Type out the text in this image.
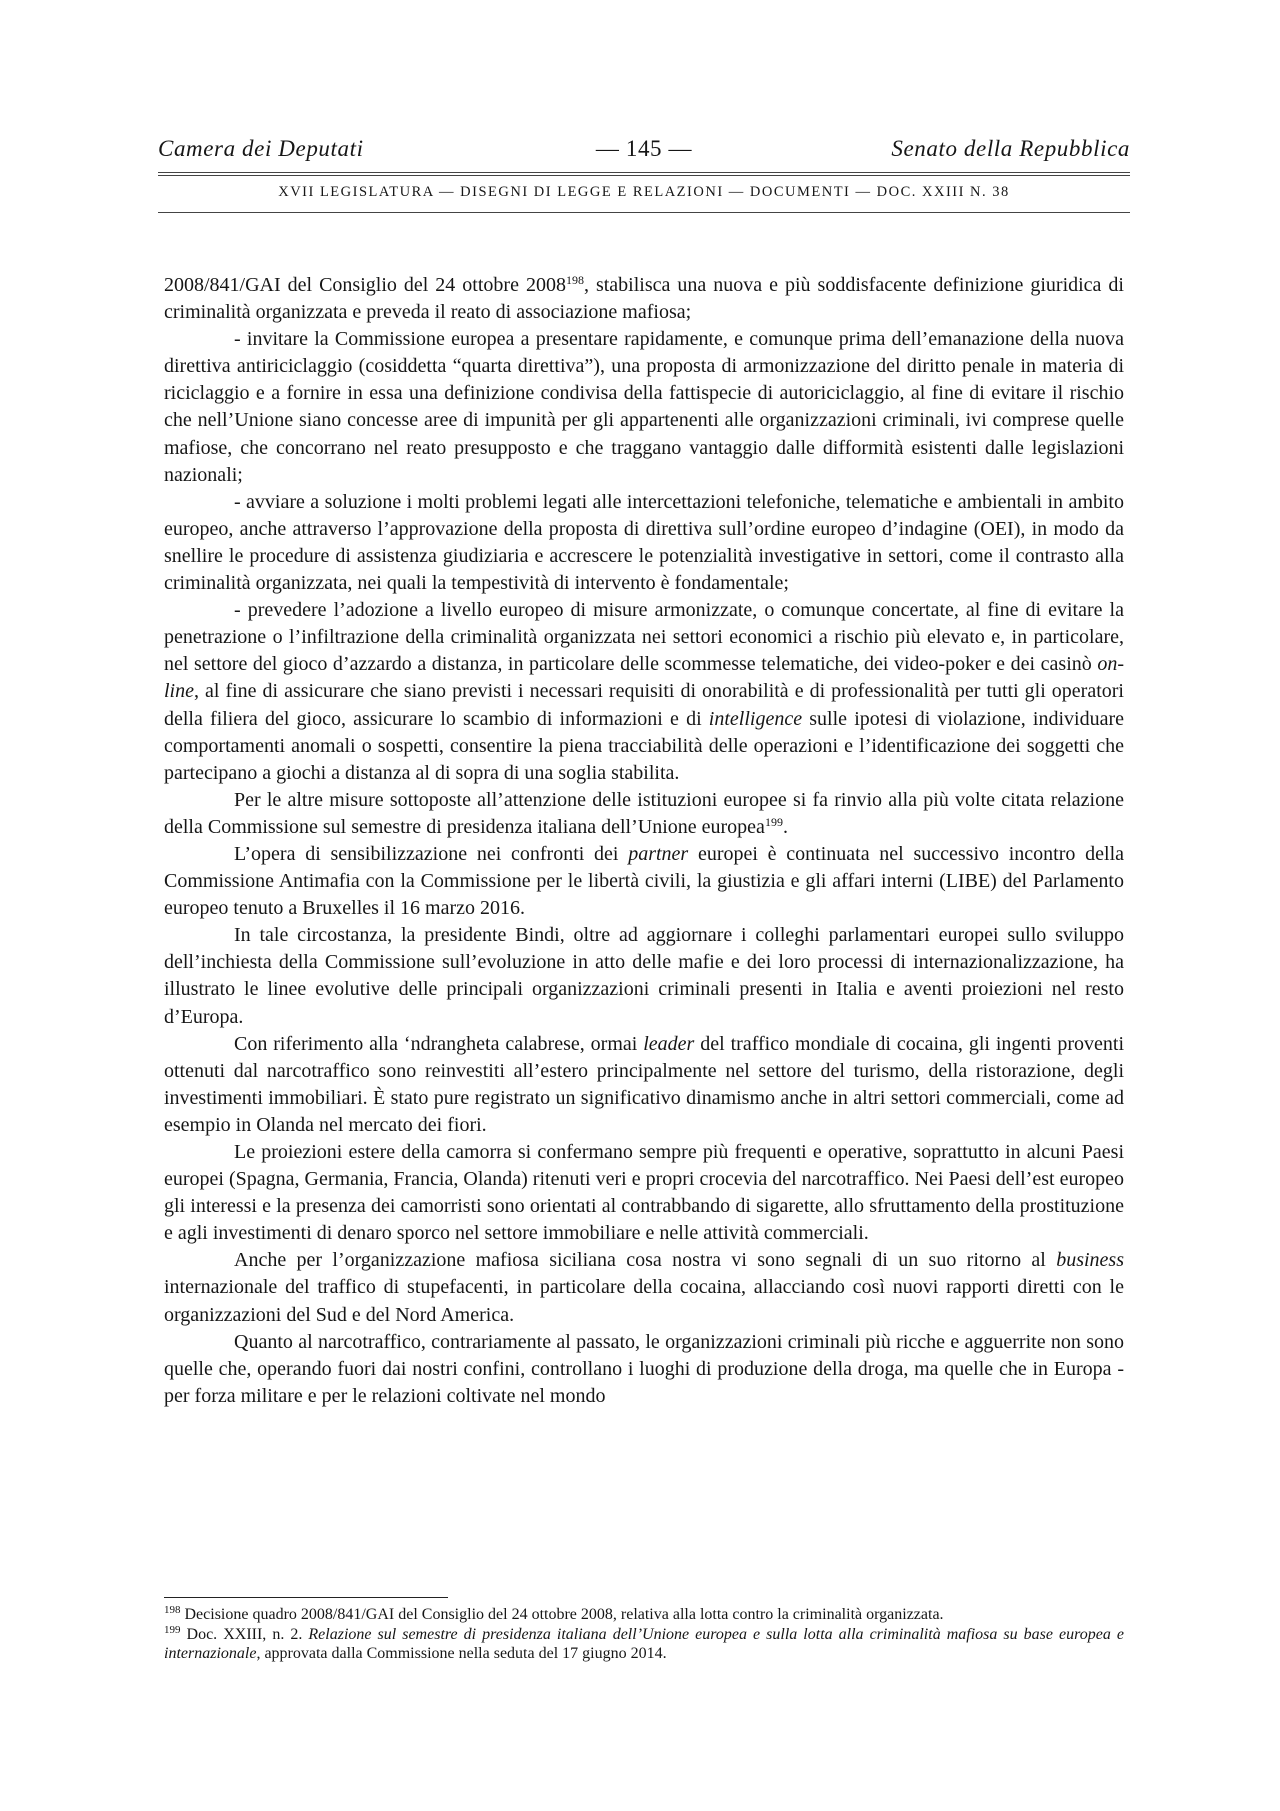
Camera dei Deputati	— 145 —	Senato della Repubblica
XVII LEGISLATURA — DISEGNI DI LEGGE E RELAZIONI — DOCUMENTI — DOC. XXIII N. 38

2008/841/GAI del Consiglio del 24 ottobre 2008$^{198}$, stabilisca una nuova e più soddisfacente definizione giuridica di criminalità organizzata e preveda il reato di associazione mafiosa;

- invitare la Commissione europea a presentare rapidamente, e comunque prima dell’emanazione della nuova direttiva antiriciclaggio (cosiddetta “quarta direttiva”), una proposta di armonizzazione del diritto penale in materia di riciclaggio e a fornire in essa una definizione condivisa della fattispecie di autoriciclaggio, al fine di evitare il rischio che nell’Unione siano concesse aree di impunità per gli appartenenti alle organizzazioni criminali, ivi comprese quelle mafiose, che concorrano nel reato presupposto e che traggano vantaggio dalle difformità esistenti dalle legislazioni nazionali;

- avviare a soluzione i molti problemi legati alle intercettazioni telefoniche, telematiche e ambientali in ambito europeo, anche attraverso l’approvazione della proposta di direttiva sull’ordine europeo d’indagine (OEI), in modo da snellire le procedure di assistenza giudiziaria e accrescere le potenzialità investigative in settori, come il contrasto alla criminalità organizzata, nei quali la tempestività di intervento è fondamentale;

- prevedere l’adozione a livello europeo di misure armonizzate, o comunque concertate, al fine di evitare la penetrazione o l’infiltrazione della criminalità organizzata nei settori economici a rischio più elevato e, in particolare, nel settore del gioco d’azzardo a distanza, in particolare delle scommesse telematiche, dei video-poker e dei casinò on-line, al fine di assicurare che siano previsti i necessari requisiti di onorabilità e di professionalità per tutti gli operatori della filiera del gioco, assicurare lo scambio di informazioni e di intelligence sulle ipotesi di violazione, individuare comportamenti anomali o sospetti, consentire la piena tracciabilità delle operazioni e l’identificazione dei soggetti che partecipano a giochi a distanza al di sopra di una soglia stabilita.

Per le altre misure sottoposte all’attenzione delle istituzioni europee si fa rinvio alla più volte citata relazione della Commissione sul semestre di presidenza italiana dell’Unione europea$^{199}$.

L’opera di sensibilizzazione nei confronti dei partner europei è continuata nel successivo incontro della Commissione Antimafia con la Commissione per le libertà civili, la giustizia e gli affari interni (LIBE) del Parlamento europeo tenuto a Bruxelles il 16 marzo 2016.

In tale circostanza, la presidente Bindi, oltre ad aggiornare i colleghi parlamentari europei sullo sviluppo dell’inchiesta della Commissione sull’evoluzione in atto delle mafie e dei loro processi di internazionalizzazione, ha illustrato le linee evolutive delle principali organizzazioni criminali presenti in Italia e aventi proiezioni nel resto d’Europa.

Con riferimento alla ‘ndrangheta calabrese, ormai leader del traffico mondiale di cocaina, gli ingenti proventi ottenuti dal narcotraffico sono reinvestiti all’estero principalmente nel settore del turismo, della ristorazione, degli investimenti immobiliari. È stato pure registrato un significativo dinamismo anche in altri settori commerciali, come ad esempio in Olanda nel mercato dei fiori.

Le proiezioni estere della camorra si confermano sempre più frequenti e operative, soprattutto in alcuni Paesi europei (Spagna, Germania, Francia, Olanda) ritenuti veri e propri crocevia del narcotraffico. Nei Paesi dell’est europeo gli interessi e la presenza dei camorristi sono orientati al contrabbando di sigarette, allo sfruttamento della prostituzione e agli investimenti di denaro sporco nel settore immobiliare e nelle attività commerciali.

Anche per l’organizzazione mafiosa siciliana cosa nostra vi sono segnali di un suo ritorno al business internazionale del traffico di stupefacenti, in particolare della cocaina, allacciando così nuovi rapporti diretti con le organizzazioni del Sud e del Nord America.

Quanto al narcotraffico, contrariamente al passato, le organizzazioni criminali più ricche e agguerrite non sono quelle che, operando fuori dai nostri confini, controllano i luoghi di produzione della droga, ma quelle che in Europa - per forza militare e per le relazioni coltivate nel mondo

$^{198}$ Decisione quadro 2008/841/GAI del Consiglio del 24 ottobre 2008, relativa alla lotta contro la criminalità organizzata.

$^{199}$ Doc. XXIII, n. 2. Relazione sul semestre di presidenza italiana dell’Unione europea e sulla lotta alla criminalità mafiosa su base europea e internazionale, approvata dalla Commissione nella seduta del 17 giugno 2014.
